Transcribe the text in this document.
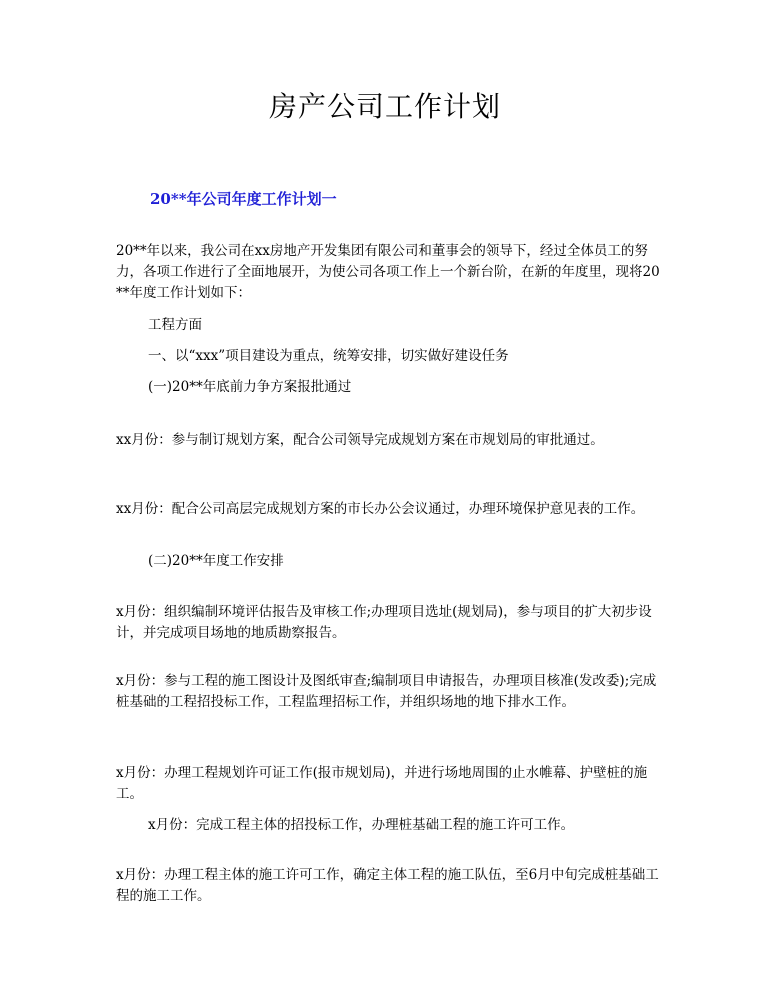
房产公司工作计划
20**年公司年度工作计划一

20**年以来，我公司在xx房地产开发集团有限公司和董事会的领导下，经过全体员工的努力，各项工作进行了全面地展开，为使公司各项工作上一个新台阶，在新的年度里，现将20**年度工作计划如下：

工程方面

一、以“xxx”项目建设为重点，统筹安排，切实做好建设任务

(一)20**年底前力争方案报批通过

xx月份：参与制订规划方案，配合公司领导完成规划方案在市规划局的审批通过。

xx月份：配合公司高层完成规划方案的市长办公会议通过，办理环境保护意见表的工作。

(二)20**年度工作安排

x月份：组织编制环境评估报告及审核工作;办理项目选址(规划局)，参与项目的扩大初步设计，并完成项目场地的地质勘察报告。

x月份：参与工程的施工图设计及图纸审查;编制项目申请报告，办理项目核准(发改委);完成桩基础的工程招投标工作，工程监理招标工作，并组织场地的地下排水工作。

x月份：办理工程规划许可证工作(报市规划局)，并进行场地周围的止水帷幕、护壁桩的施工。

x月份：完成工程主体的招投标工作，办理桩基础工程的施工许可工作。

x月份：办理工程主体的施工许可工作，确定主体工程的施工队伍，至6月中旬完成桩基础工程的施工工作。
